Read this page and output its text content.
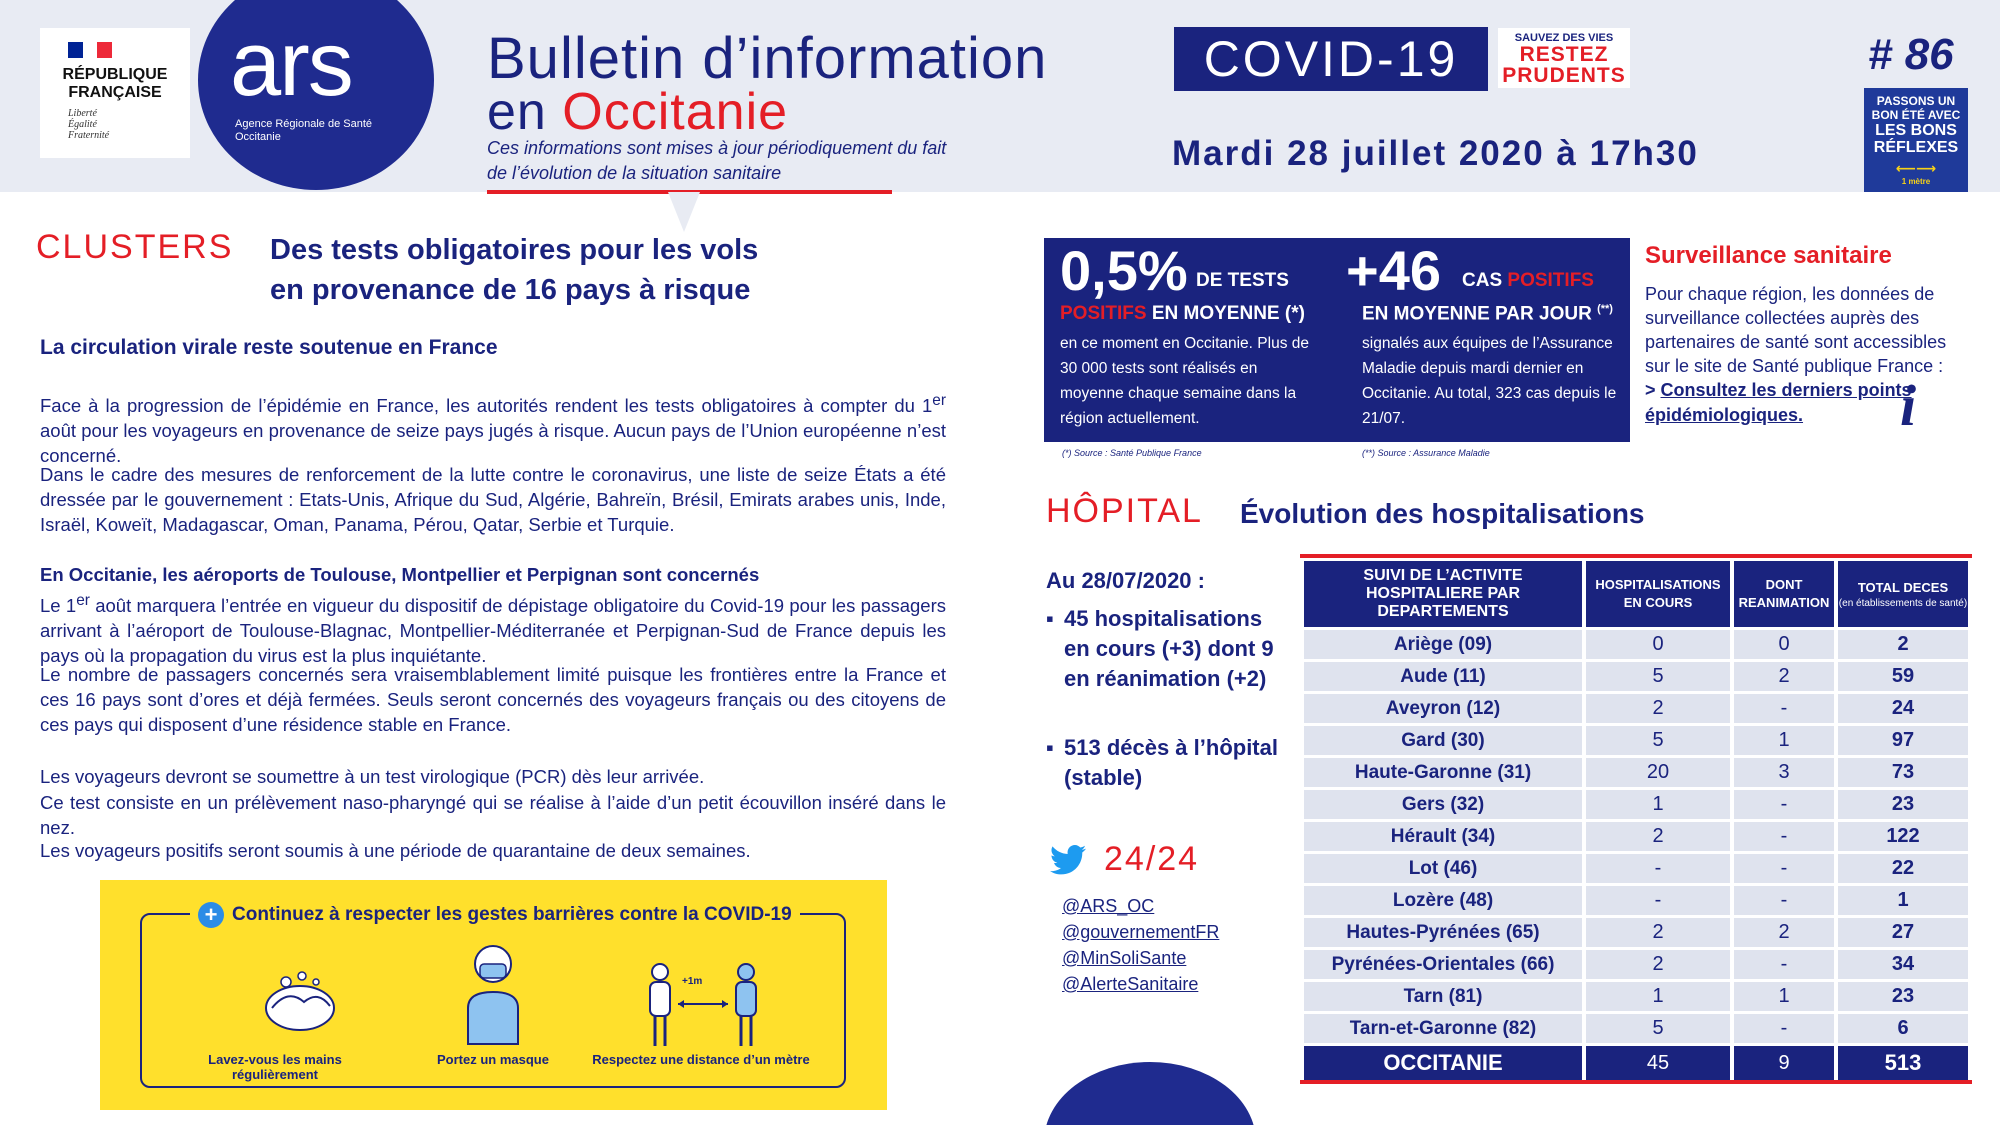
RÉPUBLIQUE
FRANÇAISE
Liberté
Égalité
Fraternité
ars
Agence Régionale de Santé
Occitanie
Bulletin d’information
en Occitanie
Ces informations sont mises à jour périodiquement du fait de l’évolution de la situation sanitaire
COVID-19	SAUVEZ DES VIES
RESTEZ
PRUDENTS
Mardi 28 juillet 2020 à 17h30
# 86
PASSONS UN
BON ÉTÉ AVEC
LES BONS
RÉFLEXES
⟵⟶
1 mètre
CLUSTERS Des tests obligatoires pour les vols
en provenance de 16 pays à risque
La circulation virale reste soutenue en France
Face à la progression de l’épidémie en France, les autorités rendent les tests obligatoires à compter du 1er août pour les voyageurs en provenance de seize pays jugés à risque. Aucun pays de l’Union européenne n’est concerné.
Dans le cadre des mesures de renforcement de la lutte contre le coronavirus, une liste de seize États a été dressée par le gouvernement : Etats-Unis, Afrique du Sud, Algérie, Bahreïn, Brésil, Emirats arabes unis, Inde, Israël, Koweït, Madagascar, Oman, Panama, Pérou, Qatar, Serbie et Turquie.
En Occitanie, les aéroports de Toulouse, Montpellier et Perpignan sont concernés
Le 1er août marquera l’entrée en vigueur du dispositif de dépistage obligatoire du Covid-19 pour les passagers arrivant à l’aéroport de Toulouse-Blagnac, Montpellier-Méditerranée et Perpignan-Sud de France depuis les pays où la propagation du virus est la plus inquiétante.
Le nombre de passagers concernés sera vraisemblablement limité puisque les frontières entre la France et ces 16 pays sont d’ores et déjà fermées. Seuls seront concernés des voyageurs français ou des citoyens de ces pays qui disposent d’une résidence stable en France.
Les voyageurs devront se soumettre à un test virologique (PCR) dès leur arrivée.
Ce test consiste en un prélèvement naso-pharyngé qui se réalise à l’aide d’un petit écouvillon inséré dans le nez.
Les voyageurs positifs seront soumis à une période de quarantaine de deux semaines.
+ Continuez à respecter les gestes barrières contre la COVID-19
+1m
Lavez-vous les mains régulièrement
Portez un masque	Respectez une distance d’un mètre
0,5% DE TESTS
POSITIFS EN MOYENNE (*)
en ce moment en Occitanie. Plus de 30 000 tests sont réalisés en moyenne chaque semaine dans la région actuellement.
+46 CAS POSITIFS
EN MOYENNE PAR JOUR (**)
signalés aux équipes de l’Assurance Maladie depuis mardi dernier en Occitanie. Au total, 323 cas depuis le 21/07.
(*) Source : Santé Publique France	(**) Source : Assurance Maladie
Surveillance sanitaire
Pour chaque région, les données de surveillance collectées auprès des partenaires de santé sont accessibles sur le site de Santé publique France :
> Consultez les derniers points épidémiologiques.	i
HÔPITAL Évolution des hospitalisations
Au 28/07/2020 :
▪ 45 hospitalisations en cours (+3) dont 9 en réanimation (+2)
▪ 513 décès à l’hôpital (stable)
24/24
@ARS_OC
@gouvernementFR
@MinSoliSante
@AlerteSanitaire
SUIVI DE L’ACTIVITE HOSPITALIERE PAR DEPARTEMENTS	HOSPITALISATIONS EN COURS	DONT REANIMATION	TOTAL DECES
(en établissements de santé)

Ariège (09)	0	0	2
Aude (11)	5	2	59
Aveyron (12)	2	-	24
Gard (30)	5	1	97
Haute-Garonne (31)	20	3	73
Gers (32)	1	-	23
Hérault (34)	2	-	122
Lot (46)	-	-	22
Lozère (48)	-	-	1
Hautes-Pyrénées (65)	2	2	27
Pyrénées-Orientales (66)	2	-	34
Tarn (81)	1	1	23
Tarn-et-Garonne (82)	5	-	6
OCCITANIE	45	9	513
